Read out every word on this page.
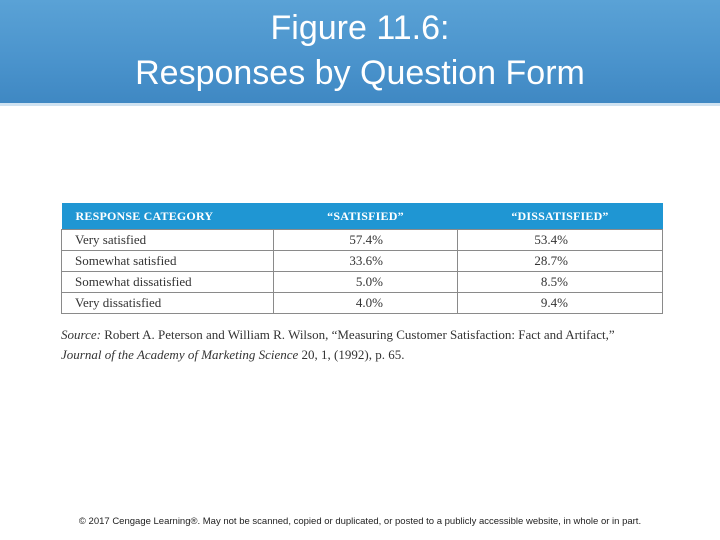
Figure 11.6:
Responses by Question Form
RESPONSE CATEGORY	“SATISFIED”	“DISSATISFIED”
Very satisfied	57.4%	53.4%
Somewhat satisfied	33.6%	28.7%
Somewhat dissatisfied	5.0%	8.5%
Very dissatisfied	4.0%	9.4%
Source: Robert A. Peterson and William R. Wilson, “Measuring Customer Satisfaction: Fact and Artifact,”
Journal of the Academy of Marketing Science 20, 1, (1992), p. 65.
© 2017 Cengage Learning®. May not be scanned, copied or duplicated, or posted to a publicly accessible website, in whole or in part.
